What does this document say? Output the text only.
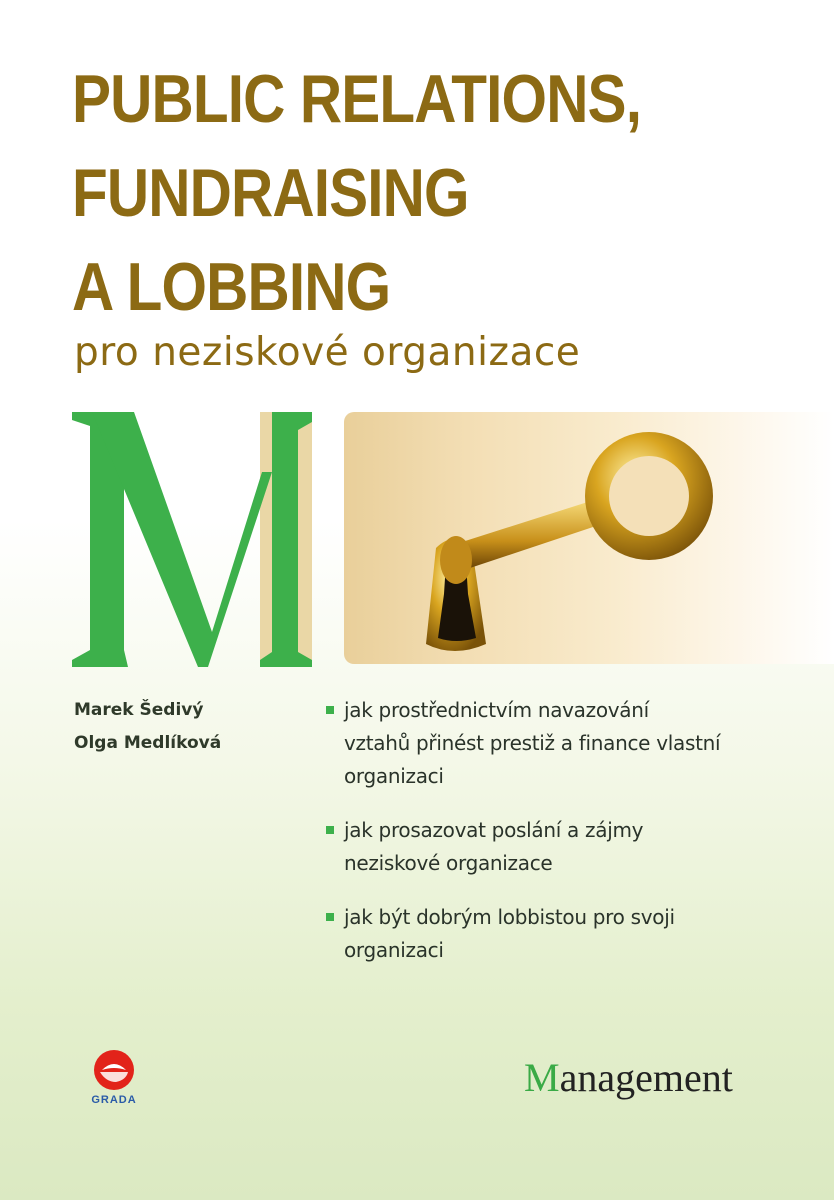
PUBLIC RELATIONS,
FUNDRAISING
A LOBBING
pro neziskové organizace
Marek Šedivý
Olga Medlíková
jak prostřednictvím navazování
vztahů přinést prestiž a finance vlastní
organizaci
jak prosazovat poslání a zájmy
neziskové organizace
jak být dobrým lobbistou pro svoji
organizaci
GRADA	Management
